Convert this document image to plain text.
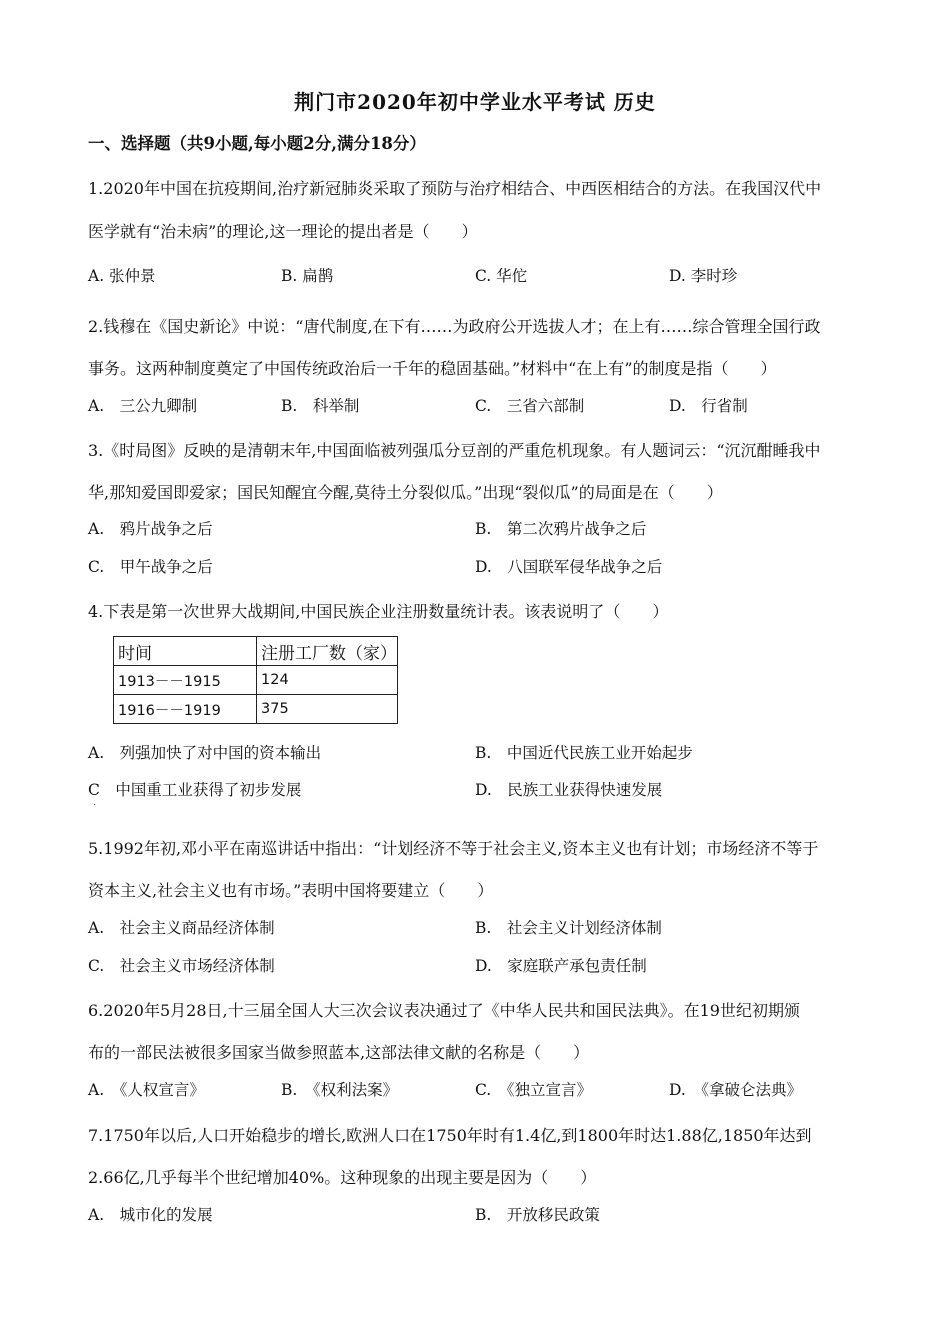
荆门市2020年初中学业水平考试 历史
一、选择题（共9小题,每小题2分,满分18分）
1.2020年中国在抗疫期间,治疗新冠肺炎采取了预防与治疗相结合、中西医相结合的方法。在我国汉代中
医学就有“治未病”的理论,这一理论的提出者是（　　）
A. 张仲景	B. 扁鹊	C. 华佗	D. 李时珍
2.钱穆在《国史新论》中说：“唐代制度,在下有……为政府公开选拔人才；在上有……综合管理全国行政
事务。这两种制度奠定了中国传统政治后一千年的稳固基础。”材料中“在上有”的制度是指（　　）
A.　三公九卿制	B.　科举制	C.　三省六部制	D.　行省制
3.《时局图》反映的是清朝末年,中国面临被列强瓜分豆剖的严重危机现象。有人题词云：“沉沉酣睡我中
华,那知爱国即爱家；国民知醒宜今醒,莫待土分裂似瓜。”出现“裂似瓜”的局面是在（　　）
A.　鸦片战争之后	B.　第二次鸦片战争之后
C.　甲午战争之后	D.　八国联军侵华战争之后
4.下表是第一次世界大战期间,中国民族企业注册数量统计表。该表说明了（　　）
时间	注册工厂数（家）
1913－－1915	124
1916－－1919	375
A.　列强加快了对中国的资本输出	B.　中国近代民族工业开始起步
C　中国重工业获得了初步发展	D.　民族工业获得快速发展
·
5.1992年初,邓小平在南巡讲话中指出：“计划经济不等于社会主义,资本主义也有计划；市场经济不等于
资本主义,社会主义也有市场。”表明中国将要建立（　　）
A.　社会主义商品经济体制	B.　社会主义计划经济体制
C.　社会主义市场经济体制	D.　家庭联产承包责任制
6.2020年5月28日,十三届全国人大三次会议表决通过了《中华人民共和国民法典》。在19世纪初期颁
布的一部民法被很多国家当做参照蓝本,这部法律文献的名称是（　　）
A.　《人权宣言》	B.　《权利法案》	C.　《独立宣言》	D.　《拿破仑法典》
7.1750年以后,人口开始稳步的增长,欧洲人口在1750年时有1.4亿,到1800年时达1.88亿,1850年达到
2.66亿,几乎每半个世纪增加40%。这种现象的出现主要是因为（　　）
A.　城市化的发展	B.　开放移民政策
